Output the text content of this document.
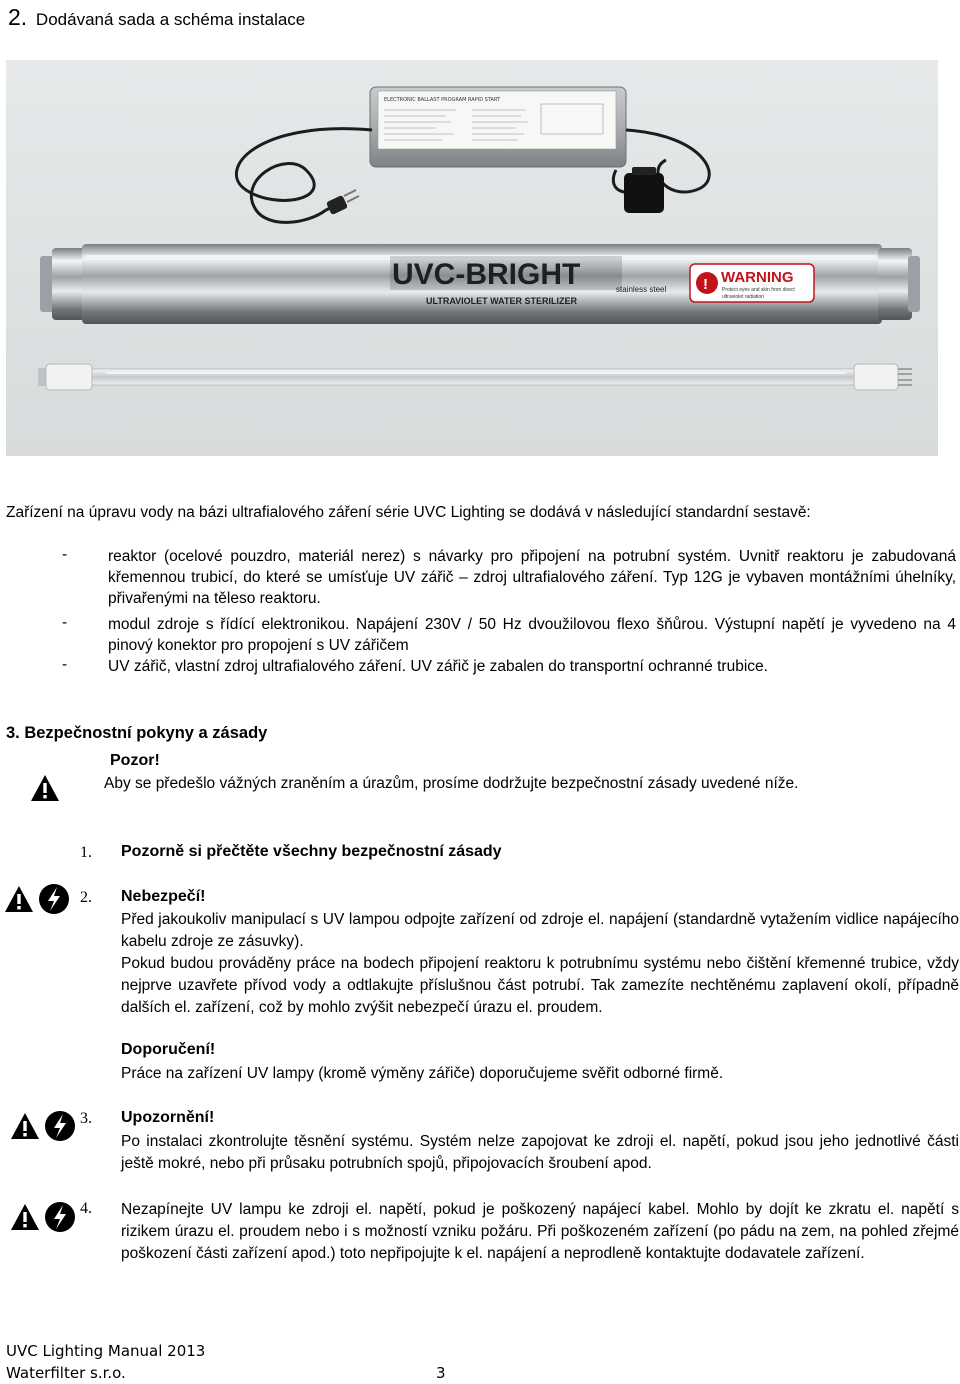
2. Dodávaná sada a schéma instalace
ELECTRONIC BALLAST PROGRAM RAPID START
UVC-BRIGHT
ULTRAVIOLET WATER STERILIZER
stainless steel ! WARNING
Protect eyes and skin from direct
ultraviolet radiation
Zařízení na úpravu vody na bázi ultrafialového záření série UVC Lighting se dodává v následující standardní sestavě:
-	reaktor (ocelové pouzdro, materiál nerez) s návarky pro připojení na potrubní systém. Uvnitř reaktoru je zabudovaná křemennou trubicí, do které se umísťuje UV zářič – zdroj ultrafialového záření. Typ 12G je vybaven montážními úhelníky, přivařenými na těleso reaktoru.
-	modul zdroje s řídící elektronikou. Napájení 230V / 50 Hz dvoužilovou flexo šňůrou. Výstupní napětí je vyvedeno na 4 pinový konektor pro propojení s UV zářičem
-	UV zářič, vlastní zdroj ultrafialového záření. UV zářič je zabalen do transportní ochranné trubice.
3. Bezpečnostní pokyny a zásady
Pozor!
Aby se předešlo vážných zraněním a úrazům, prosíme dodržujte bezpečnostní zásady uvedené níže.
1. Pozorně si přečtěte všechny bezpečnostní zásady
2. Nebezpečí!
Před jakoukoliv manipulací s UV lampou odpojte zařízení od zdroje el. napájení (standardně vytažením vidlice napájecího kabelu zdroje ze zásuvky).
Pokud budou prováděny práce na bodech připojení reaktoru k potrubnímu systému nebo čištění křemenné trubice, vždy nejprve uzavřete přívod vody a odtlakujte příslušnou část potrubí. Tak zamezíte nechtěnému zaplavení okolí, případně dalších el. zařízení, což by mohlo zvýšit nebezpečí úrazu el. proudem.
Doporučení!
Práce na zařízení UV lampy (kromě výměny zářiče) doporučujeme svěřit odborné firmě.
3. Upozornění!
Po instalaci zkontrolujte těsnění systému. Systém nelze zapojovat ke zdroji el. napětí, pokud jsou jeho jednotlivé části ještě mokré, nebo při průsaku potrubních spojů, připojovacích šroubení apod.
4. Nezapínejte UV lampu ke zdroji el. napětí, pokud je poškozený napájecí kabel. Mohlo by dojít ke zkratu el. napětí s rizikem úrazu el. proudem nebo i s možností vzniku požáru. Při poškozeném zařízení (po pádu na zem, na pohled zřejmé poškození části zařízení apod.) toto nepřipojujte k el. napájení a neprodleně kontaktujte dodavatele zařízení.
UVC Lighting Manual 2013
Waterfilter s.r.o.	3
